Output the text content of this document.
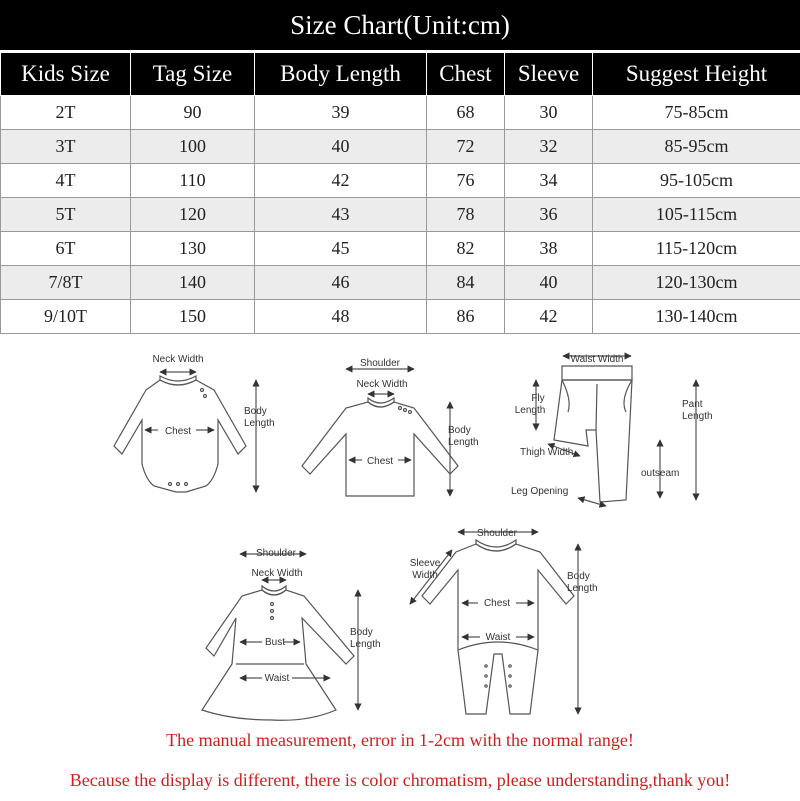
Size Chart(Unit:cm)
Kids Size	Tag Size	Body Length	Chest	Sleeve	Suggest Height
2T	90	39	68	30	75-85cm
3T	100	40	72	32	85-95cm
4T	110	42	76	34	95-105cm
5T	120	43	78	36	105-115cm
6T	130	45	82	38	115-120cm
7/8T	140	46	84	40	120-130cm
9/10T	150	48	86	42	130-140cm
Neck Width
Chest
Body
Length
Shoulder
Neck Width
Chest
Body
Length
Waist Width
Fly
Length
Pant
Length
Thigh Width
outseam
Leg Opening
Shoulder
Neck Width
Bust
Waist
Body
Length
Shoulder
Sleeve
Width
Chest
Waist
Body
Length
The manual measurement, error in 1-2cm with the normal range!
Because the display is different, there is color chromatism, please understanding,thank you!
